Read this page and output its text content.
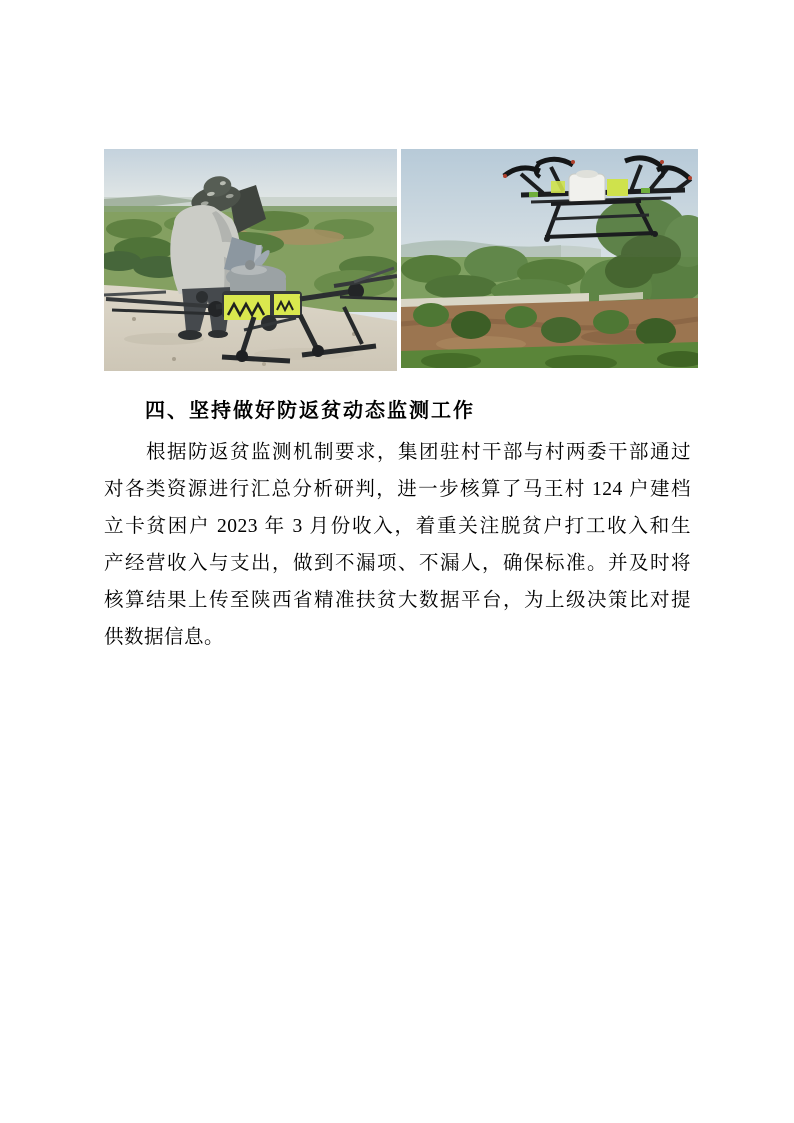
四、坚持做好防返贫动态监测工作
　　根据防返贫监测机制要求，集团驻村干部与村两委干部通过
对各类资源进行汇总分析研判，进一步核算了马王村 124 户建档
立卡贫困户 2023 年 3 月份收入，着重关注脱贫户打工收入和生
产经营收入与支出，做到不漏项、不漏人，确保标准。并及时将
核算结果上传至陕西省精准扶贫大数据平台，为上级决策比对提
供数据信息。
